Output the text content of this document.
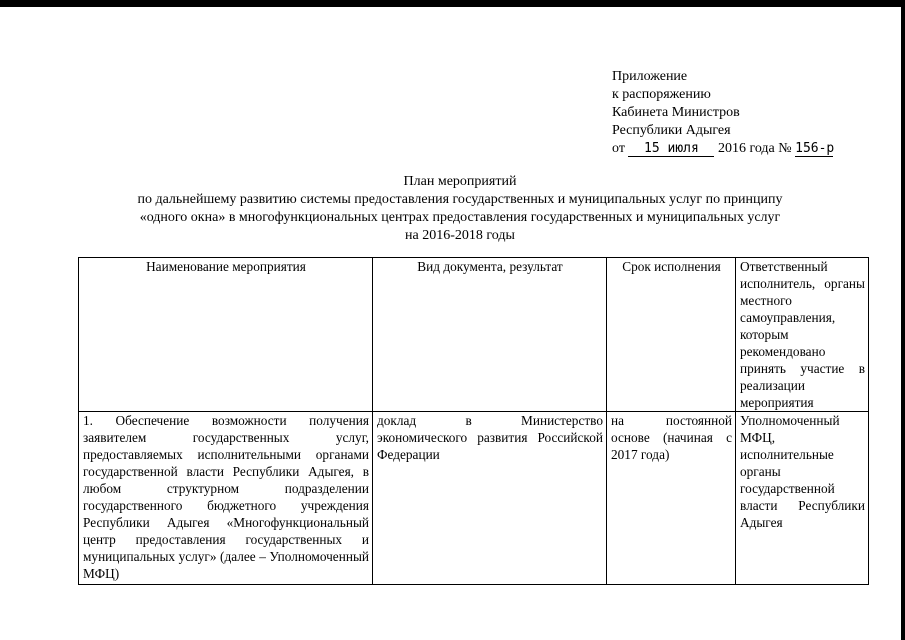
Приложение
к распоряжению
Кабинета Министров
Республики Адыгея
от 15 июля 2016 года № 156-р
План мероприятий
по дальнейшему развитию системы предоставления государственных и муниципальных услуг по принципу
«одного окна» в многофункциональных центрах предоставления государственных и муниципальных услуг
на 2016-2018 годы
Наименование мероприятия	Вид документа, результат	Срок исполнения	Ответственный исполнитель, органы местного самоуправления, которым рекомендовано принять участие в реализации мероприятия
1. Обеспечение возможности получения заявителем государственных услуг, предоставляемых исполнительными органами государственной власти Республики Адыгея, в любом структурном подразделении государственного бюджетного учреждения Республики Адыгея «Многофункциональный центр предоставления государственных и муниципальных услуг» (далее – Уполномоченный МФЦ)	доклад в Министерство экономического развития Российской Федерации	на постоянной основе (начиная с 2017 года)	Уполномоченный МФЦ, исполнительные органы государственной власти Республики Адыгея
